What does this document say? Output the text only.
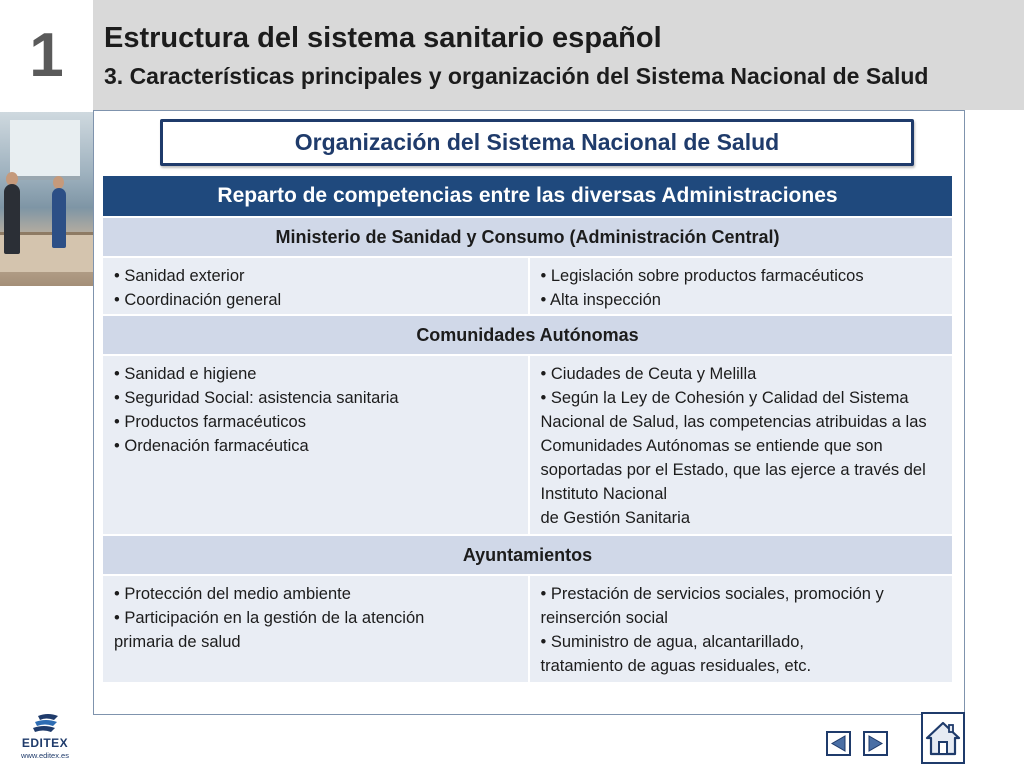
1	Estructura del sistema sanitario español
3. Características principales y organización del Sistema Nacional de Salud
Organización del Sistema Nacional de Salud
Reparto de competencias entre las diversas Administraciones
Ministerio de Sanidad y Consumo (Administración Central)
• Sanidad exterior
• Coordinación general
• Legislación sobre productos farmacéuticos
• Alta inspección
Comunidades Autónomas
• Sanidad e higiene
• Seguridad Social: asistencia sanitaria
• Productos farmacéuticos
• Ordenación farmacéutica
• Ciudades de Ceuta y Melilla
• Según la Ley de Cohesión y Calidad del Sistema
Nacional de Salud, las competencias atribuidas a las
Comunidades Autónomas se entiende que son
soportadas por el Estado, que las ejerce a través del
Instituto Nacional
de Gestión Sanitaria
Ayuntamientos
• Protección del medio ambiente
• Participación en la gestión de la atención
primaria de salud
• Prestación de servicios sociales, promoción y
reinserción social
• Suministro de agua, alcantarillado,
tratamiento de aguas residuales, etc.
EDITEX
www.editex.es
